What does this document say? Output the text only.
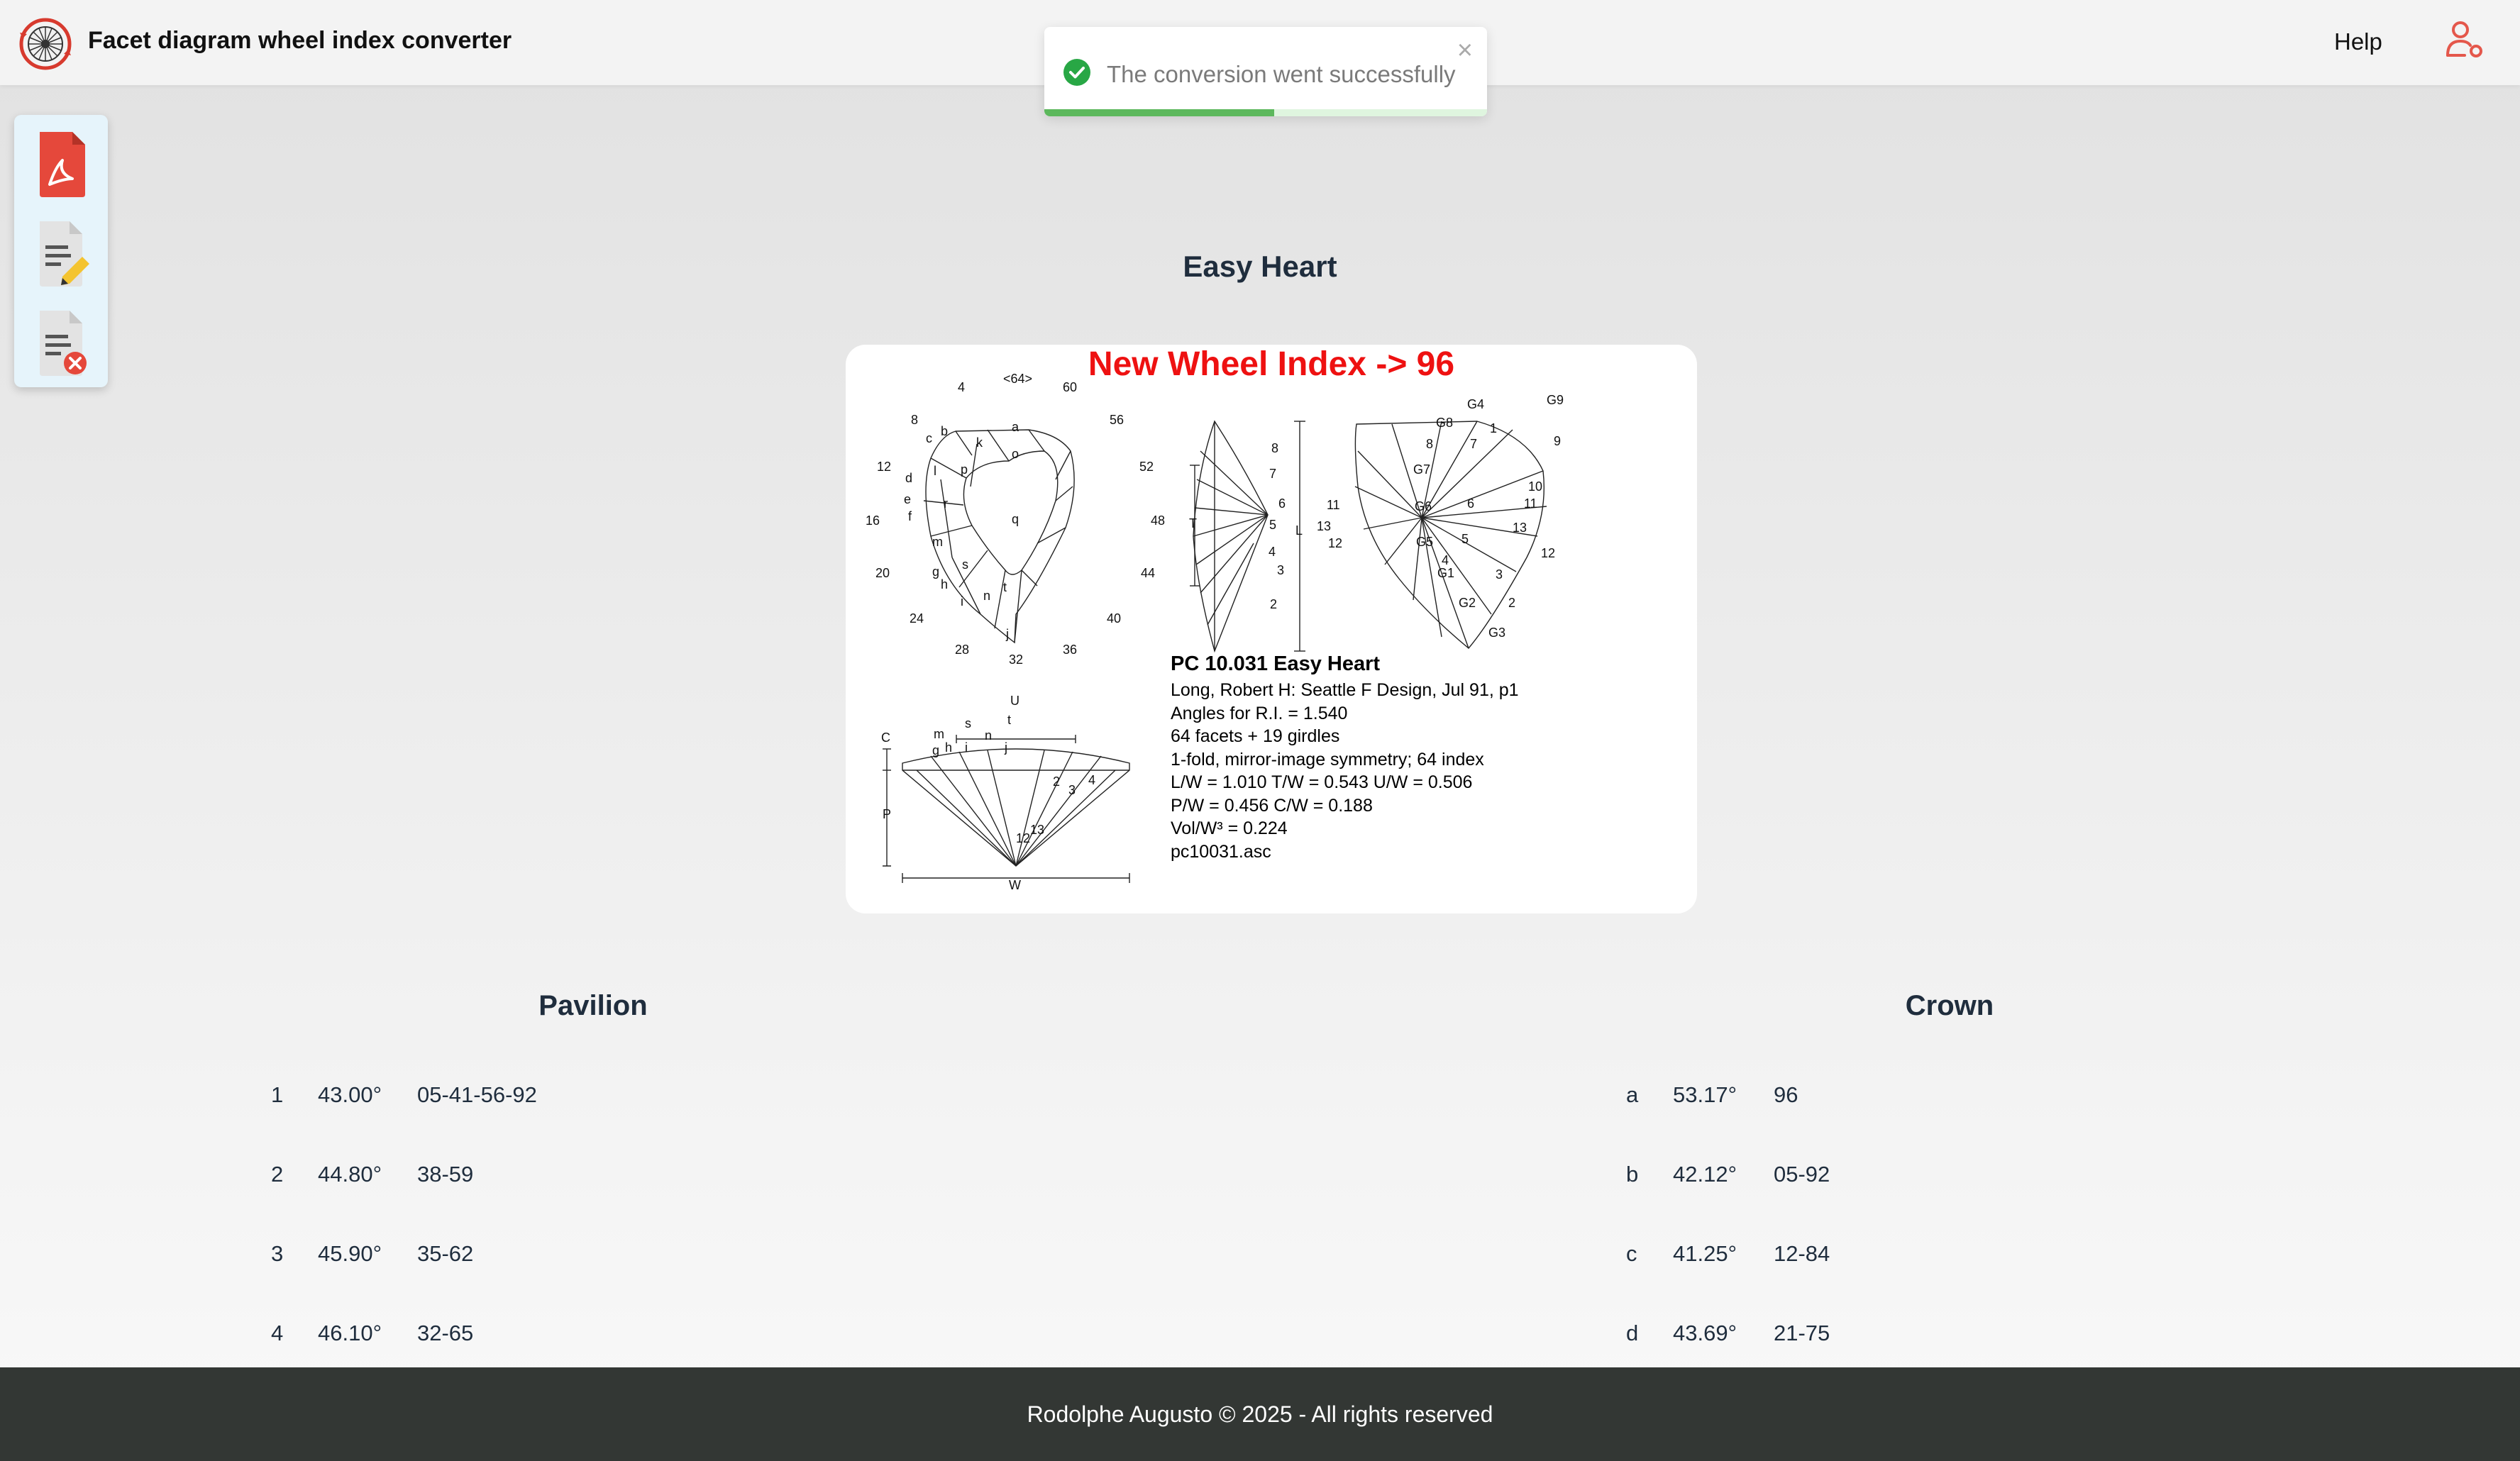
Facet diagram wheel index converter	Help
The conversion went successfully
×
Easy Heart
<64>
4	60
8	56
12	52
16	48
20	44
24	40
28	36
32
a
b
c	k
o
d l p
e	r
f	q
m
s
g
h
i n
t
j
8
7
6	11
5	13
4
12
3
2
T	L
G4	G9
G8	1
9
G7
7
8
10
G6	6	11
G5 5
13
12
4
G1	3
G2	2
G3
U
C
P
W
m
s	t
n
g h i	j
2
3
4
12
13
New Wheel Index -> 96
PC 10.031 Easy Heart
Long, Robert H: Seattle F Design, Jul 91, p1
Angles for R.I. = 1.540
64 facets + 19 girdles
1-fold, mirror-image symmetry; 64 index
L/W = 1.010 T/W = 0.543 U/W = 0.506
P/W = 0.456 C/W = 0.188
Vol/W³ = 0.224
pc10031.asc
Pavilion	Crown
1 43.00° 05-41-56-92
2 44.80° 38-59
3 45.90° 35-62
4 46.10° 32-65
a 53.17° 96
b 42.12° 05-92
c 41.25° 12-84
d 43.69° 21-75
Rodolphe Augusto © 2025 - All rights reserved
